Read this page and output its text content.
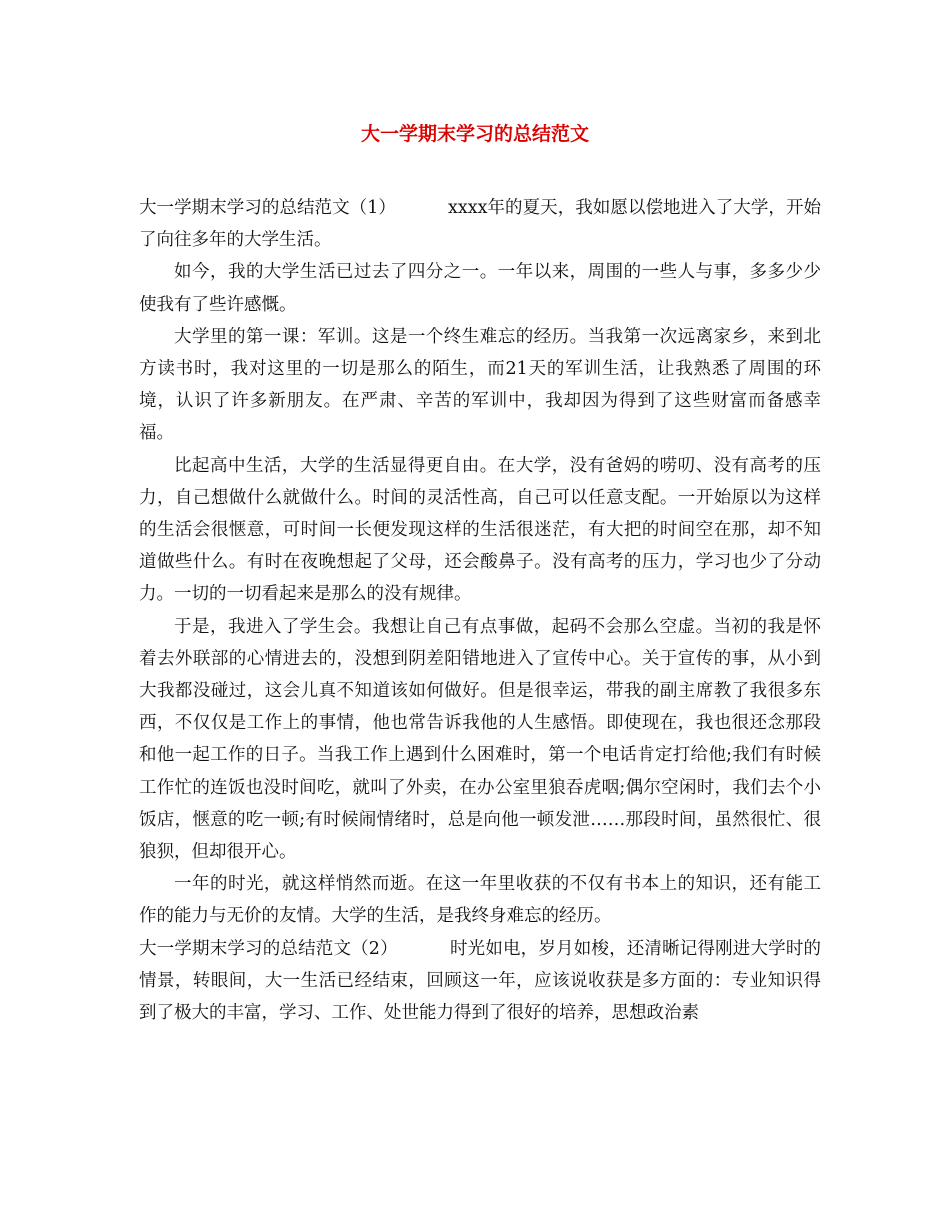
大一学期末学习的总结范文

大一学期末学习的总结范文（1）	xxxx年的夏天，我如愿以偿地进入了大学，开始了向往多年的大学生活。

如今，我的大学生活已过去了四分之一。一年以来，周围的一些人与事，多多少少使我有了些许感慨。

大学里的第一课：军训。这是一个终生难忘的经历。当我第一次远离家乡，来到北方读书时，我对这里的一切是那么的陌生，而21天的军训生活，让我熟悉了周围的环境，认识了许多新朋友。在严肃、辛苦的军训中，我却因为得到了这些财富而备感幸福。

比起高中生活，大学的生活显得更自由。在大学，没有爸妈的唠叨、没有高考的压力，自己想做什么就做什么。时间的灵活性高，自己可以任意支配。一开始原以为这样的生活会很惬意，可时间一长便发现这样的生活很迷茫，有大把的时间空在那，却不知道做些什么。有时在夜晚想起了父母，还会酸鼻子。没有高考的压力，学习也少了分动力。一切的一切看起来是那么的没有规律。

于是，我进入了学生会。我想让自己有点事做，起码不会那么空虚。当初的我是怀着去外联部的心情进去的，没想到阴差阳错地进入了宣传中心。关于宣传的事，从小到大我都没碰过，这会儿真不知道该如何做好。但是很幸运，带我的副主席教了我很多东西，不仅仅是工作上的事情，他也常告诉我他的人生感悟。即使现在，我也很还念那段和他一起工作的日子。当我工作上遇到什么困难时，第一个电话肯定打给他;我们有时候工作忙的连饭也没时间吃，就叫了外卖，在办公室里狼吞虎咽;偶尔空闲时，我们去个小饭店，惬意的吃一顿;有时候闹情绪时，总是向他一顿发泄……那段时间，虽然很忙、很狼狈，但却很开心。

一年的时光，就这样悄然而逝。在这一年里收获的不仅有书本上的知识，还有能工作的能力与无价的友情。大学的生活，是我终身难忘的经历。

大一学期末学习的总结范文（2）	时光如电，岁月如梭，还清晰记得刚进大学时的情景，转眼间，大一生活已经结束，回顾这一年，应该说收获是多方面的：专业知识得到了极大的丰富，学习、工作、处世能力得到了很好的培养，思想政治素
